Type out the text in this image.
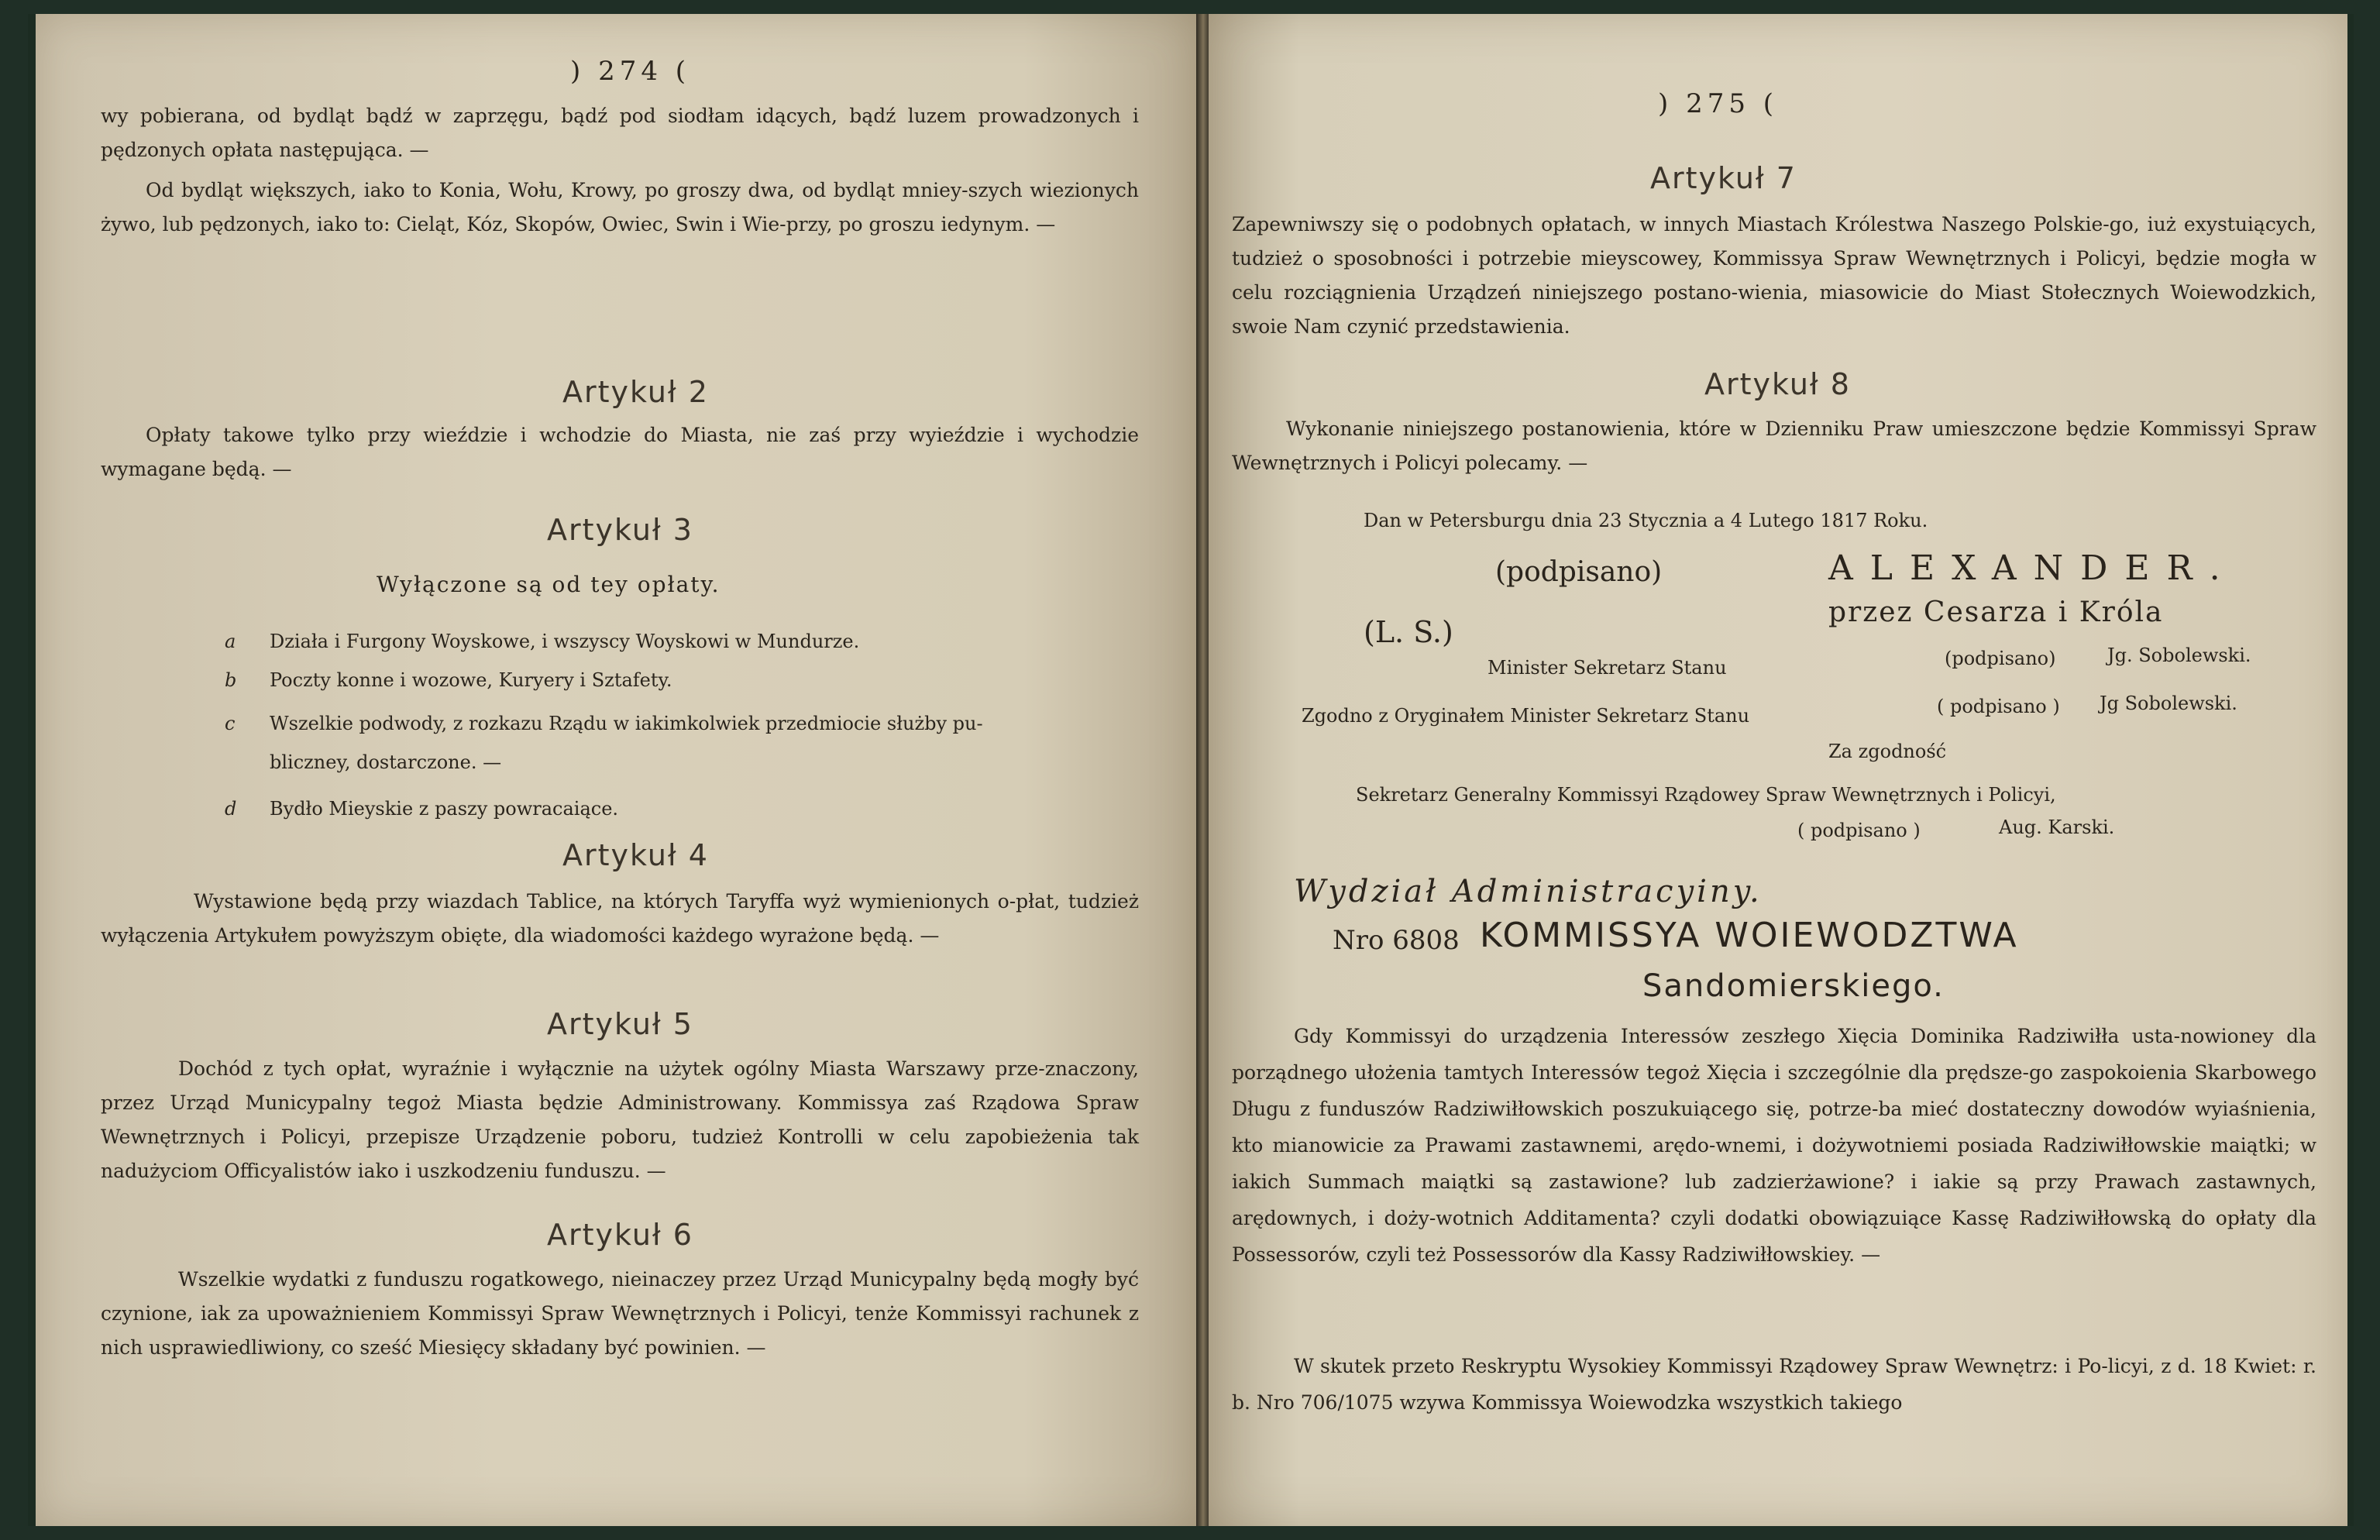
) 274 (
wy pobierana, od bydląt bądź w zaprzęgu, bądź pod siodłam idących, bądź luzem prowadzonych i pędzonych opłata następująca. —
Od bydląt większych, iako to Konia, Wołu, Krowy, po groszy dwa, od bydląt mniey-szych wiezionych żywo, lub pędzonych, iako to: Cieląt, Kóz, Skopów, Owiec, Swin i Wie-przy, po groszu iedynym. —
Artykuł 2
Opłaty takowe tylko przy wieździe i wchodzie do Miasta, nie zaś przy wyieździe i wychodzie wymagane będą. —
Artykuł 3
Wyłączone są od tey opłaty.
a Działa i Furgony Woyskowe, i wszyscy Woyskowi w Mundurze.
b Poczty konne i wozowe, Kuryery i Sztafety.
c Wszelkie podwody, z rozkazu Rządu w iakimkolwiek przedmiocie służby pu-
bliczney, dostarczone. —
d Bydło Mieyskie z paszy powracaiące.
Artykuł 4
Wystawione będą przy wiazdach Tablice, na których Taryffa wyż wymienionych o-płat, tudzież wyłączenia Artykułem powyższym obięte, dla wiadomości każdego wyrażone będą. —
Artykuł 5
Dochód z tych opłat, wyraźnie i wyłącznie na użytek ogólny Miasta Warszawy prze-znaczony, przez Urząd Municypalny tegoż Miasta będzie Administrowany. Kommissya zaś Rządowa Spraw Wewnętrznych i Policyi, przepisze Urządzenie poboru, tudzież Kontrolli w celu zapobieżenia tak nadużyciom Officyalistów iako i uszkodzeniu funduszu. —
Artykuł 6
Wszelkie wydatki z funduszu rogatkowego, nieinaczey przez Urząd Municypalny będą mogły być czynione, iak za upoważnieniem Kommissyi Spraw Wewnętrznych i Policyi, tenże Kommissyi rachunek z nich usprawiedliwiony, co sześć Miesięcy składany być powinien. —
) 275 (
Artykuł 7
Zapewniwszy się o podobnych opłatach, w innych Miastach Królestwa Naszego Polskie-go, iuż exystuiących, tudzież o sposobności i potrzebie mieyscowey, Kommissya Spraw Wewnętrznych i Policyi, będzie mogła w celu rozciągnienia Urządzeń niniejszego postano-wienia, miasowicie do Miast Stołecznych Woiewodzkich, swoie Nam czynić przedstawienia.
Artykuł 8
Wykonanie niniejszego postanowienia, które w Dzienniku Praw umieszczone będzie Kommissyi Spraw Wewnętrznych i Policyi polecamy. —
Dan w Petersburgu dnia 23 Stycznia a 4 Lutego 1817 Roku.
(podpisano)	ALEXANDER.
przez Cesarza i Króla
(L. S.)
Minister Sekretarz Stanu	(podpisano)	Jg. Sobolewski.
Zgodno z Oryginałem Minister Sekretarz Stanu	( podpisano ) Jg Sobolewski.
Za zgodność
Sekretarz Generalny Kommissyi Rządowey Spraw Wewnętrznych i Policyi,
( podpisano )	Aug. Karski.
Wydział Administracyiny.
Nro 6808 KOMMISSYA WOIEWODZTWA
Sandomierskiego.
Gdy Kommissyi do urządzenia Interessów zeszłego Xięcia Dominika Radziwiłła usta-nowioney dla porządnego ułożenia tamtych Interessów tegoż Xięcia i szczególnie dla prędsze-go zaspokoienia Skarbowego Długu z funduszów Radziwiłłowskich poszukuiącego się, potrze-ba mieć dostateczny dowodów wyiaśnienia, kto mianowicie za Prawami zastawnemi, arędo-wnemi, i dożywotniemi posiada Radziwiłłowskie maiątki; w iakich Summach maiątki są zastawione? lub zadzierżawione? i iakie są przy Prawach zastawnych, arędownych, i doży-wotnich Additamenta? czyli dodatki obowiązuiące Kassę Radziwiłłowską do opłaty dla Possessorów, czyli też Possessorów dla Kassy Radziwiłłowskiey. —
W skutek przeto Reskryptu Wysokiey Kommissyi Rządowey Spraw Wewnętrz: i Po-licyi, z d. 18 Kwiet: r. b. Nro 706/1075 wzywa Kommissya Woiewodzka wszystkich takiego
